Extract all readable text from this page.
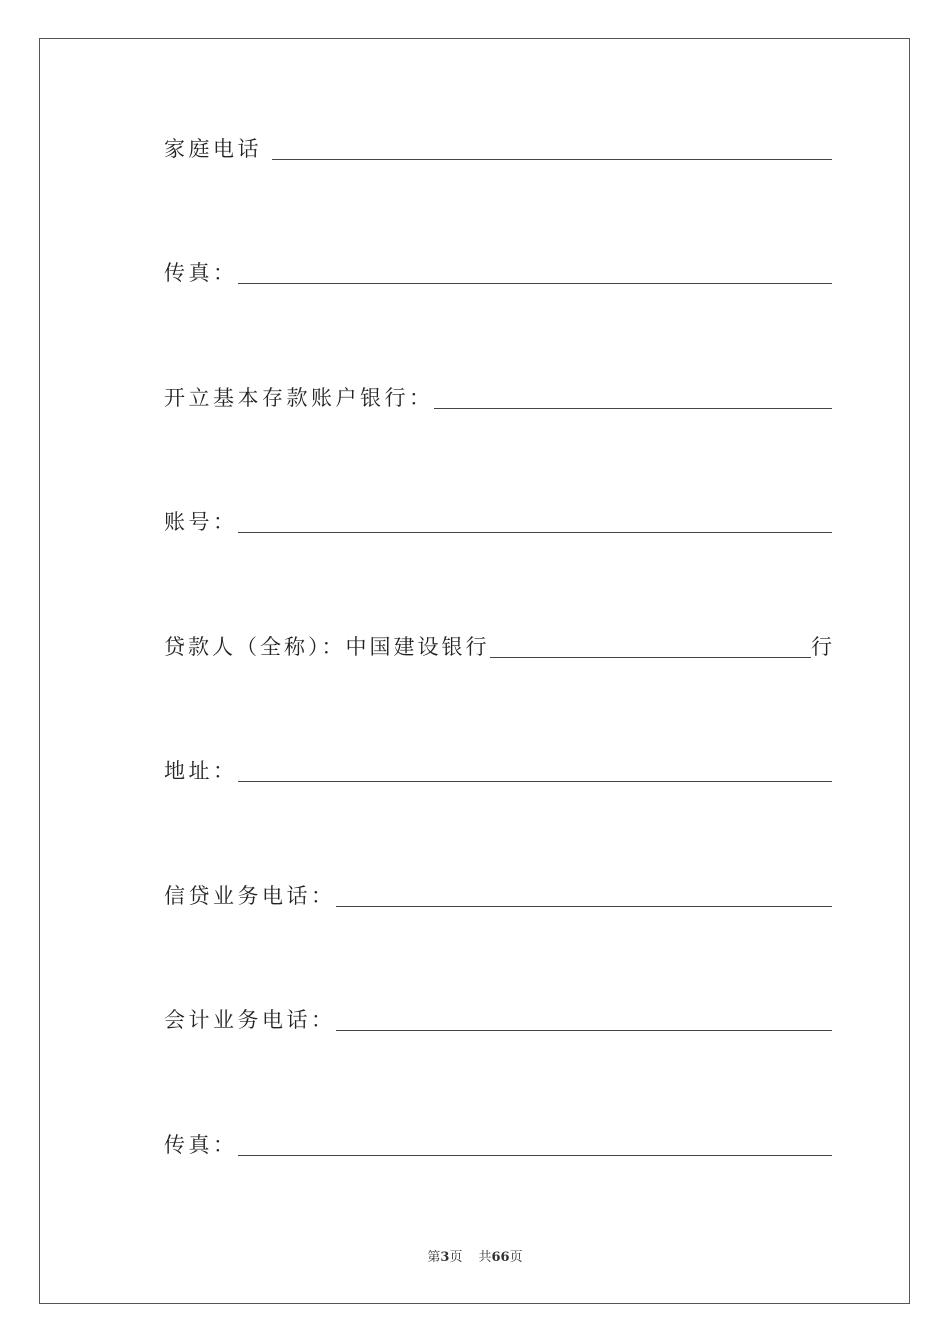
家庭电话
传真：
开立基本存款账户银行：
账号：
贷款人（全称）：中国建设银行	行
地址：
信贷业务电话：
会计业务电话：
传真：
第3页 共66页
